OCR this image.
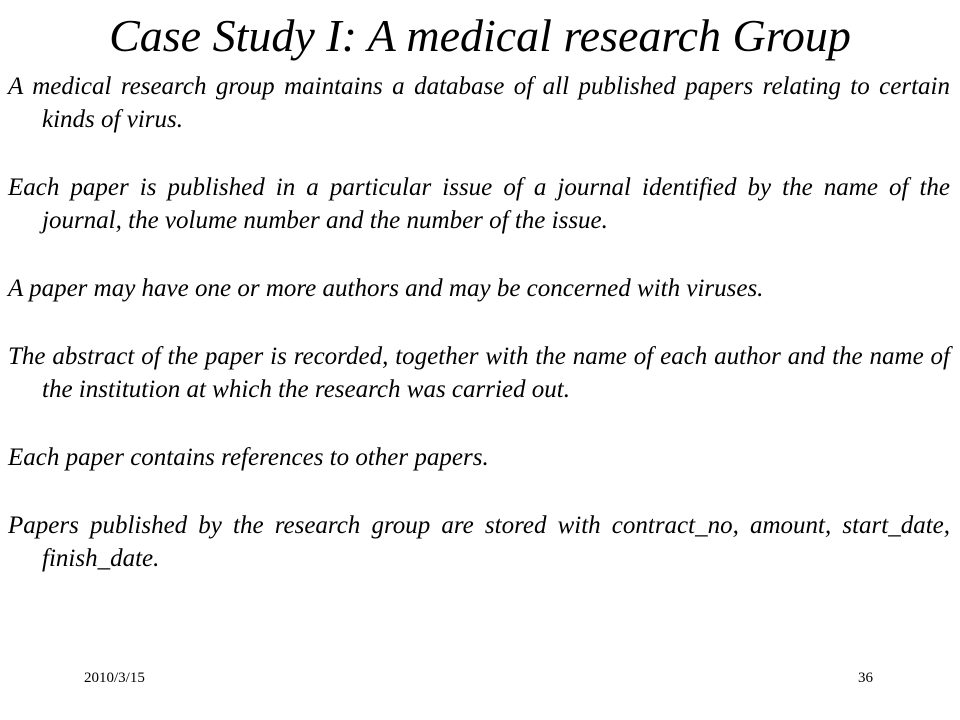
Case Study I: A medical research Group

A medical research group maintains a database of all published papers relating to certain kinds of virus.

Each paper is published in a particular issue of a journal identified by the name of the journal, the volume number and the number of the issue.

A paper may have one or more authors and may be concerned with viruses.

The abstract of the paper is recorded, together with the name of each author and the name of the institution at which the research was carried out.

Each paper contains references to other papers.

Papers published by the research group are stored with contract_no, amount, start_date, finish_date.

2010/3/15	36
